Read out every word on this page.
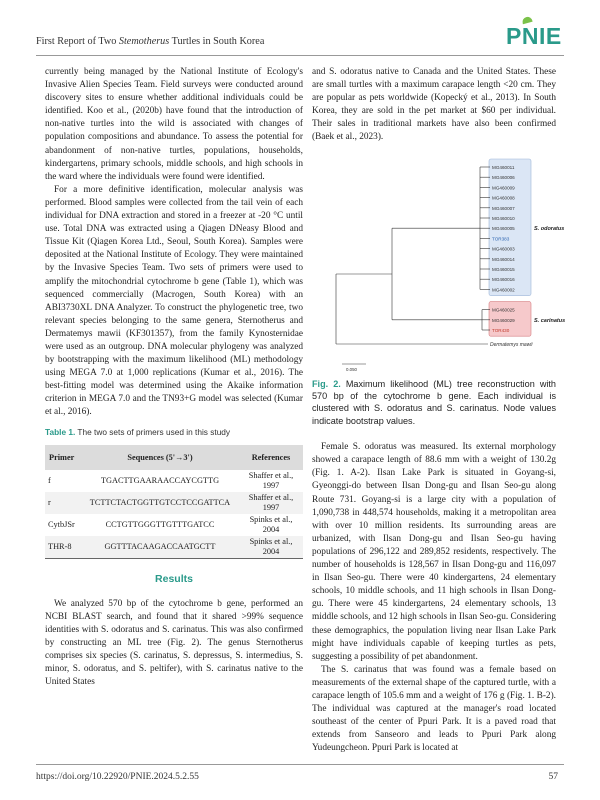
First Report of Two Stemotherus Turtles in South Korea	PNIE

currently being managed by the National Institute of Ecology's Invasive Alien Species Team. Field surveys were conducted around discovery sites to ensure whether additional individuals could be identified. Koo et al., (2020b) have found that the introduction of non-native turtles into the wild is associated with changes of population compositions and abundance. To assess the potential for abandonment of non-native turtles, populations, households, kindergartens, primary schools, middle schools, and high schools in the ward where the individuals were found were identified.

For a more definitive identification, molecular analysis was performed. Blood samples were collected from the tail vein of each individual for DNA extraction and stored in a freezer at -20 °C until use. Total DNA was extracted using a Qiagen DNeasy Blood and Tissue Kit (Qiagen Korea Ltd., Seoul, South Korea). Samples were deposited at the National Institute of Ecology. They were maintained by the Invasive Species Team. Two sets of primers were used to amplify the mitochondrial cytochrome b gene (Table 1), which was sequenced commercially (Macrogen, South Korea) with an ABI3730XL DNA Analyzer. To construct the phylogenetic tree, two relevant species belonging to the same genera, Sternotherus and Dermatemys mawii (KF301357), from the family Kynosternidae were used as an outgroup. DNA molecular phylogeny was analyzed by bootstrapping with the maximum likelihood (ML) methodology using MEGA 7.0 at 1,000 replications (Kumar et al., 2016). The best-fitting model was determined using the Akaike information criterion in MEGA 7.0 and the TN93+G model was selected (Kumar et al., 2016).

Table 1. The two sets of primers used in this study
Primer	Sequences (5'→3')	References
f	TGACTTGAARAACCAYCGTTG	Shaffer et al., 1997
r	TCTTCTACTGGTTGTCCTCCGATTCA	Shaffer et al., 1997
CytbJSr	CCTGTTGGGTTGTTTGATCC	Spinks et al., 2004
THR-8	GGTTTACAAGACCAATGCTT	Spinks et al., 2004
Results

We analyzed 570 bp of the cytochrome b gene, performed an NCBI BLAST search, and found that it shared >99% sequence identities with S. odoratus and S. carinatus. This was also confirmed by constructing an ML tree (Fig. 2). The genus Sternotherus comprises six species (S. carinatus, S. depressus, S. intermedius, S. minor, S. odoratus, and S. peltifer), with S. carinatus native to the United States

and S. odoratus native to Canada and the United States. These are small turtles with a maximum carapace length <20 cm. They are popular as pets worldwide (Kopecký et al., 2013). In South Korea, they are sold in the pet market at $60 per individual. Their sales in traditional markets have also been confirmed (Baek et al., 2023).

MG460011
MG460006
MG460009
MG460008
MG460007
MG460010
MG460005
TOR383
MG460003
MG460014
MG460015
MG460016
MG460002
MG460025
MG460029
TOR430
Dermatemys mawii
S. odoratus
S. carinatus
0.050
Fig. 2. Maximum likelihood (ML) tree reconstruction with 570 bp of the cytochrome b gene. Each individual is clustered with S. odoratus and S. carinatus. Node values indicate bootstrap values.

Female S. odoratus was measured. Its external morphology showed a carapace length of 88.6 mm with a weight of 130.2g (Fig. 1. A-2). Ilsan Lake Park is situated in Goyang-si, Gyeonggi-do between Ilsan Dong-gu and Ilsan Seo-gu along Route 731. Goyang-si is a large city with a population of 1,090,738 in 448,574 households, making it a metropolitan area with over 10 million residents. Its surrounding areas are urbanized, with Ilsan Dong-gu and Ilsan Seo-gu having populations of 296,122 and 289,852 residents, respectively. The number of households is 128,567 in Ilsan Dong-gu and 116,097 in Ilsan Seo-gu. There were 40 kindergartens, 24 elementary schools, 10 middle schools, and 11 high schools in Ilsan Dong-gu. There were 45 kindergartens, 24 elementary schools, 13 middle schools, and 12 high schools in Ilsan Seo-gu. Considering these demographics, the population living near Ilsan Lake Park might have individuals capable of keeping turtles as pets, suggesting a possibility of pet abandonment.

The S. carinatus that was found was a female based on measurements of the external shape of the captured turtle, with a carapace length of 105.6 mm and a weight of 176 g (Fig. 1. B-2). The individual was captured at the manager's road located southeast of the center of Ppuri Park. It is a paved road that extends from Sanseoro and leads to Ppuri Park along Yudeungcheon. Ppuri Park is located at

https://doi.org/10.22920/PNIE.2024.5.2.55	57
